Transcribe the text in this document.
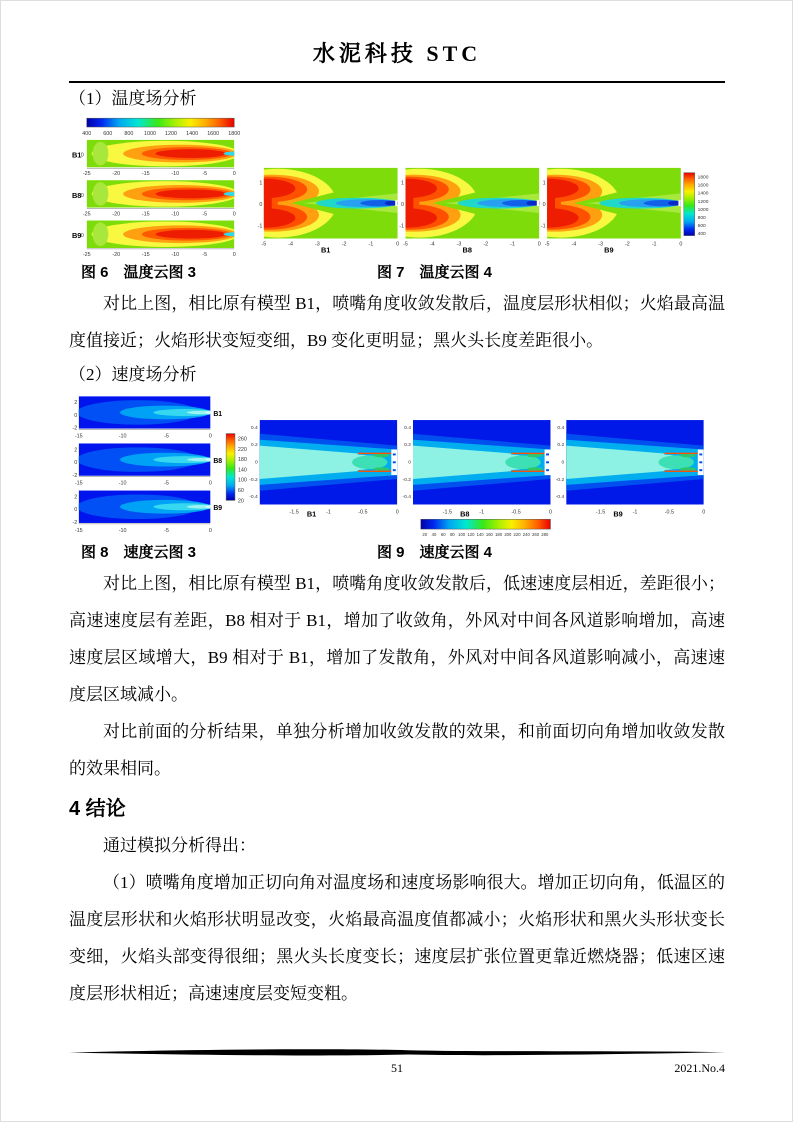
水泥科技 STC
（1）温度场分析
400 600 800 1000 1200 1400 1600 1800
B1 0
-25	-20	-15	-10	-5	0
B8 0
-25	-20	-15	-10	-5	0
B9 0
-25	-20	-15	-10	-5	0
1
0
-1
-5	-4	-3	-2	-1	0
B1
1
0
-1
-5	-4	-3	-2	-1	0
B8
1
0
-1
-5	-4	-3	-2	-1	0
B9
1800
1600
1400
1200
1000
800
600
400
图 6　温度云图 3	图 7　温度云图 4

对比上图，相比原有模型 B1，喷嘴角度收敛发散后，温度层形状相似；火焰最高温度值接近；火焰形状变短变细，B9 变化更明显；黑火头长度差距很小。

（2）速度场分析
2
0
-2
B1
-15	-10	-5	0
2
0
-2
B8
-15	-10	-5	0
2
0
-2
B9
-15	-10	-5	0
260
220
180
140
100
60
20
0.4
0.2
0
-0.2
-0.4
-1.5	-1	-0.5	0
B1
0.4
0.2
0
-0.2
-0.4
-1.5	-1	-0.5	0
B8
0.4
0.2
0
-0.2
-0.4
-1.5	-1	-0.5	0
B9
20 40 60 80 100 120 140 160 180 200 220 240 260 280
图 8　速度云图 3	图 9　速度云图 4

对比上图，相比原有模型 B1，喷嘴角度收敛发散后，低速速度层相近，差距很小；高速速度层有差距，B8 相对于 B1，增加了收敛角，外风对中间各风道影响增加，高速速度层区域增大，B9 相对于 B1，增加了发散角，外风对中间各风道影响减小，高速速度层区域减小。

对比前面的分析结果，单独分析增加收敛发散的效果，和前面切向角增加收敛发散的效果相同。

4 结论

通过模拟分析得出：

（1）喷嘴角度增加正切向角对温度场和速度场影响很大。增加正切向角，低温区的温度层形状和火焰形状明显改变，火焰最高温度值都减小；火焰形状和黑火头形状变长变细，火焰头部变得很细；黑火头长度变长；速度层扩张位置更靠近燃烧器；低速区速度层形状相近；高速速度层变短变粗。

51	2021.No.4
